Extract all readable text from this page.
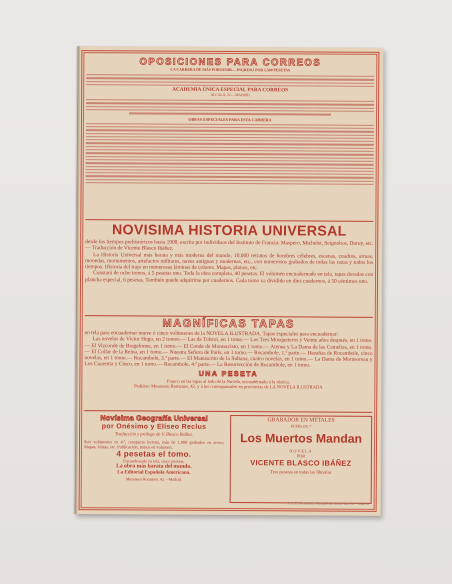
OPOSICIONES PARA CORREOS
LA CARRERA DE MÁS PORVENIR.—INGRESO POR 1.500 PESETAS
ACADEMIA ÚNICA ESPECIAL PARA CORREOS
ALCALÁ, 32.—MADRID
OBRAS ESPECIALES PARA ESTA CARRERA
NOVISIMA HISTORIA UNIVERSAL
desde los tiempos prehistóricos hasta 1908, escrita por individuos del Instituto de Francia: Maspero, Michelet, Seignobos, Duruy, etc.— Traducción de Vicente Blasco Ibáñez.
La Historia Universal más barata y más moderna del mundo, 10.000 retratos de hombres célebres, escenas, cuadros, armas, monedas, monumentos, artefactos militares, naves antiguas y modernas, etc., con numerosos grabados de todas las razas y todos los tiempos. Historia del trajo en numerosas láminas de colores. Mapas, planos, etc.
Constará de ocho tomos, á 5 pesetas uno. Toda la obra completa, 40 pesetas. El volumen encuadernado en tela, tapas doradas con plancha especial, 6 pesetas. También puede adquirirse por cuadernos. Cada tomo va dividido en diez cuadernos, á 50 céntimos uno.
MAGNÍFICAS TAPAS
en tela para encuadernar nueve ó cinco volúmenes de la NOVELA ILUSTRADA. Tapas especiales para encuadernar:
Las novelas de Víctor Hugo, en 2 tomos.— Las de Tolstoi, en 1 tomo.— Los Tres Mosqueteros y Veinte años después, en 1 tomo.— El Vizconde de Bragelonne, en 1 tomo.— El Conde de Montecristo, en 1 tomo.— Atenea y La Dama de las Camelias, en 1 tomo.— El Collar de la Reina, en 1 tomo.— Nuestra Señora de París, en 1 tomo.— Rocambole, 1.ª parte.— Hazañas de Rocambole, cinco novelas, en 1 tomo.— Rocambole, 3.ª parte.— El Manuscrito de la Sultana, cuatro novelas, en 1 tomo.— La Dama de Montsoreau y Los Cuarenta y Cinco, en 1 tomo.— Rocambole, 4.ª parte.— La Resurrección de Rocambole, en 1 tomo.
UNA PESETA
Franco en las tapas al lado de la Novela, encuadérnado á la rústica.
Pedidos: Mesonero Romanos, 42, y á los corresponsales en provincias de LA NOVELA ILUSTRADA
Novísima Geografía Universal
por Onésimo y Elíseo Reclus
Traducción y prólogo de V. Blasco Ibáñez.
Seis volúmenes en 4.º, compacto lectura, más de 1.000 grabados en acero; Mapas, Vistas, etc. Publicación, tomos en volumen.
4 pesetas el tomo.
Encuadernado en tela, cinco pesetas.
La obra más barata del mundo.
La Editorial Española Americana.
Mesonero Romanos, 42.—Madrid.
GRABADOR EN METALES
PUEBLOS, 7
Los Muertos Mandan
NOVELA
POR
VICENTE BLASCO IBÁÑEZ
Tres pesetas en todas las librerías
J. S. E. Fernández. Marqués de Santa Ana, 22.—Madrid
